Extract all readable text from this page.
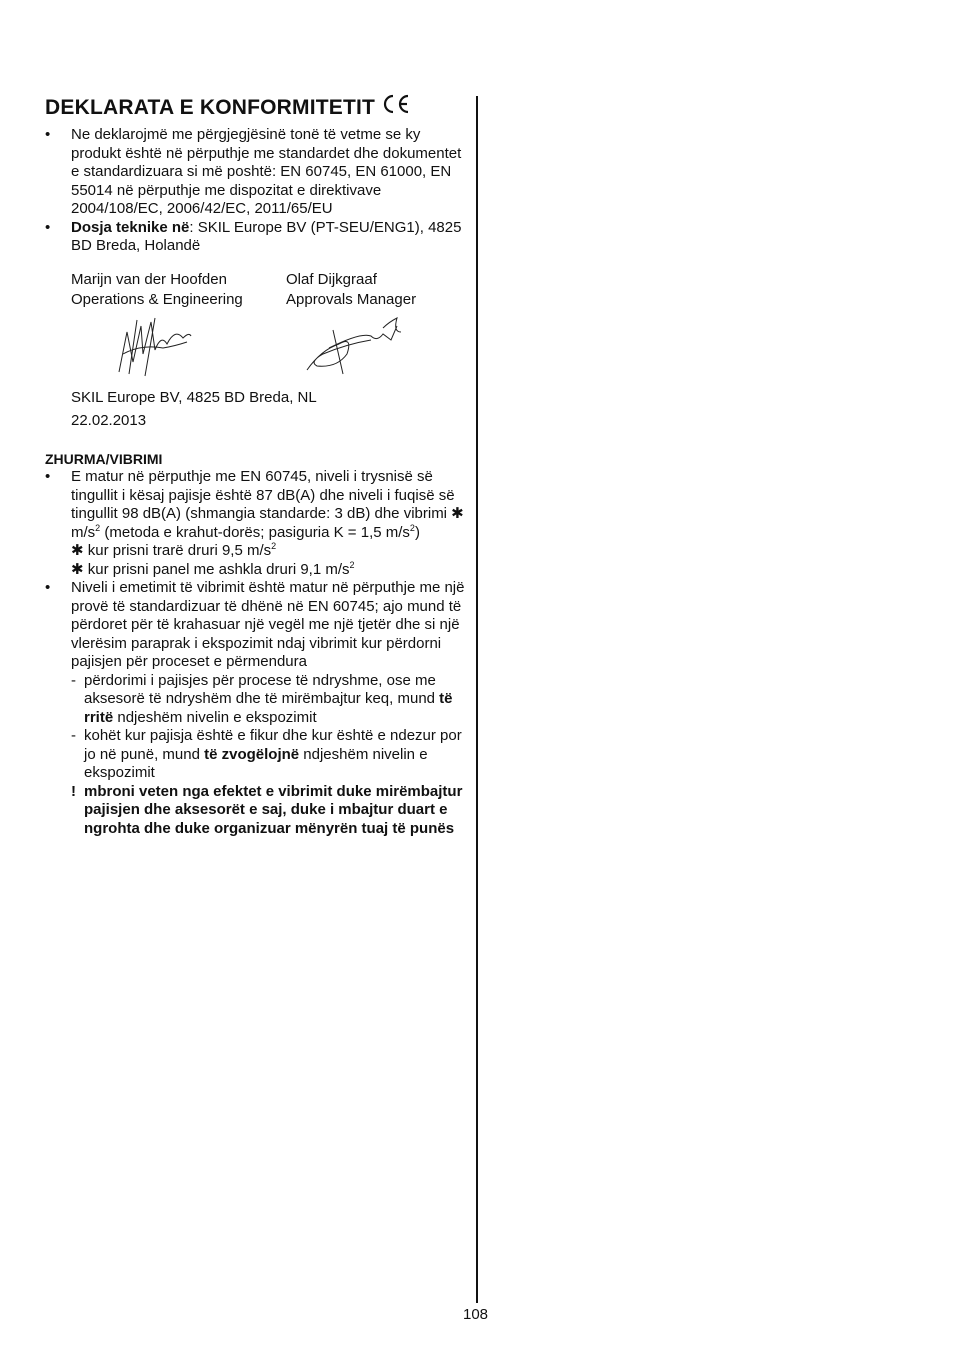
DEKLARATA E KONFORMITETIT
• Ne deklarojmë me përgjegjësinë tonë të vetme se ky produkt është në përputhje me standardet dhe dokumentet e standardizuara si më poshtë: EN 60745, EN 61000, EN 55014 në përputhje me dispozitat e direktivave 2004/108/EC, 2006/42/EC, 2011/65/EU
• Dosja teknike në: SKIL Europe BV (PT-SEU/ENG1), 4825 BD Breda, Holandë
Marijn van der Hoofden
Operations & Engineering
Olaf Dijkgraaf
Approvals Manager
SKIL Europe BV, 4825 BD Breda, NL
22.02.2013
ZHURMA/VIBRIMI
• E matur në përputhje me EN 60745, niveli i trysnisë së tingullit i kësaj pajisje është 87 dB(A) dhe niveli i fuqisë së tingullit 98 dB(A) (shmangia standarde: 3 dB) dhe vibrimi ✱ $m/s^2$ (metoda e krahut-dorës; pasiguria K = 1,5 $m/s^2$)
✱ kur prisni trarë druri 9,5 $m/s^2$
✱ kur prisni panel me ashkla druri 9,1 $m/s^2$
• Niveli i emetimit të vibrimit është matur në përputhje me një provë të standardizuar të dhënë në EN 60745; ajo mund të përdoret për të krahasuar një vegël me një tjetër dhe si një vlerësim paraprak i ekspozimit ndaj vibrimit kur përdorni pajisjen për proceset e përmendura
- përdorimi i pajisjes për procese të ndryshme, ose me aksesorë të ndryshëm dhe të mirëmbajtur keq, mund të rritë ndjeshëm nivelin e ekspozimit
- kohët kur pajisja është e fikur dhe kur është e ndezur por jo në punë, mund të zvogëlojnë ndjeshëm nivelin e ekspozimit
! mbroni veten nga efektet e vibrimit duke mirëmbajtur pajisjen dhe aksesorët e saj, duke i mbajtur duart e ngrohta dhe duke organizuar mënyrën tuaj të punës
108
